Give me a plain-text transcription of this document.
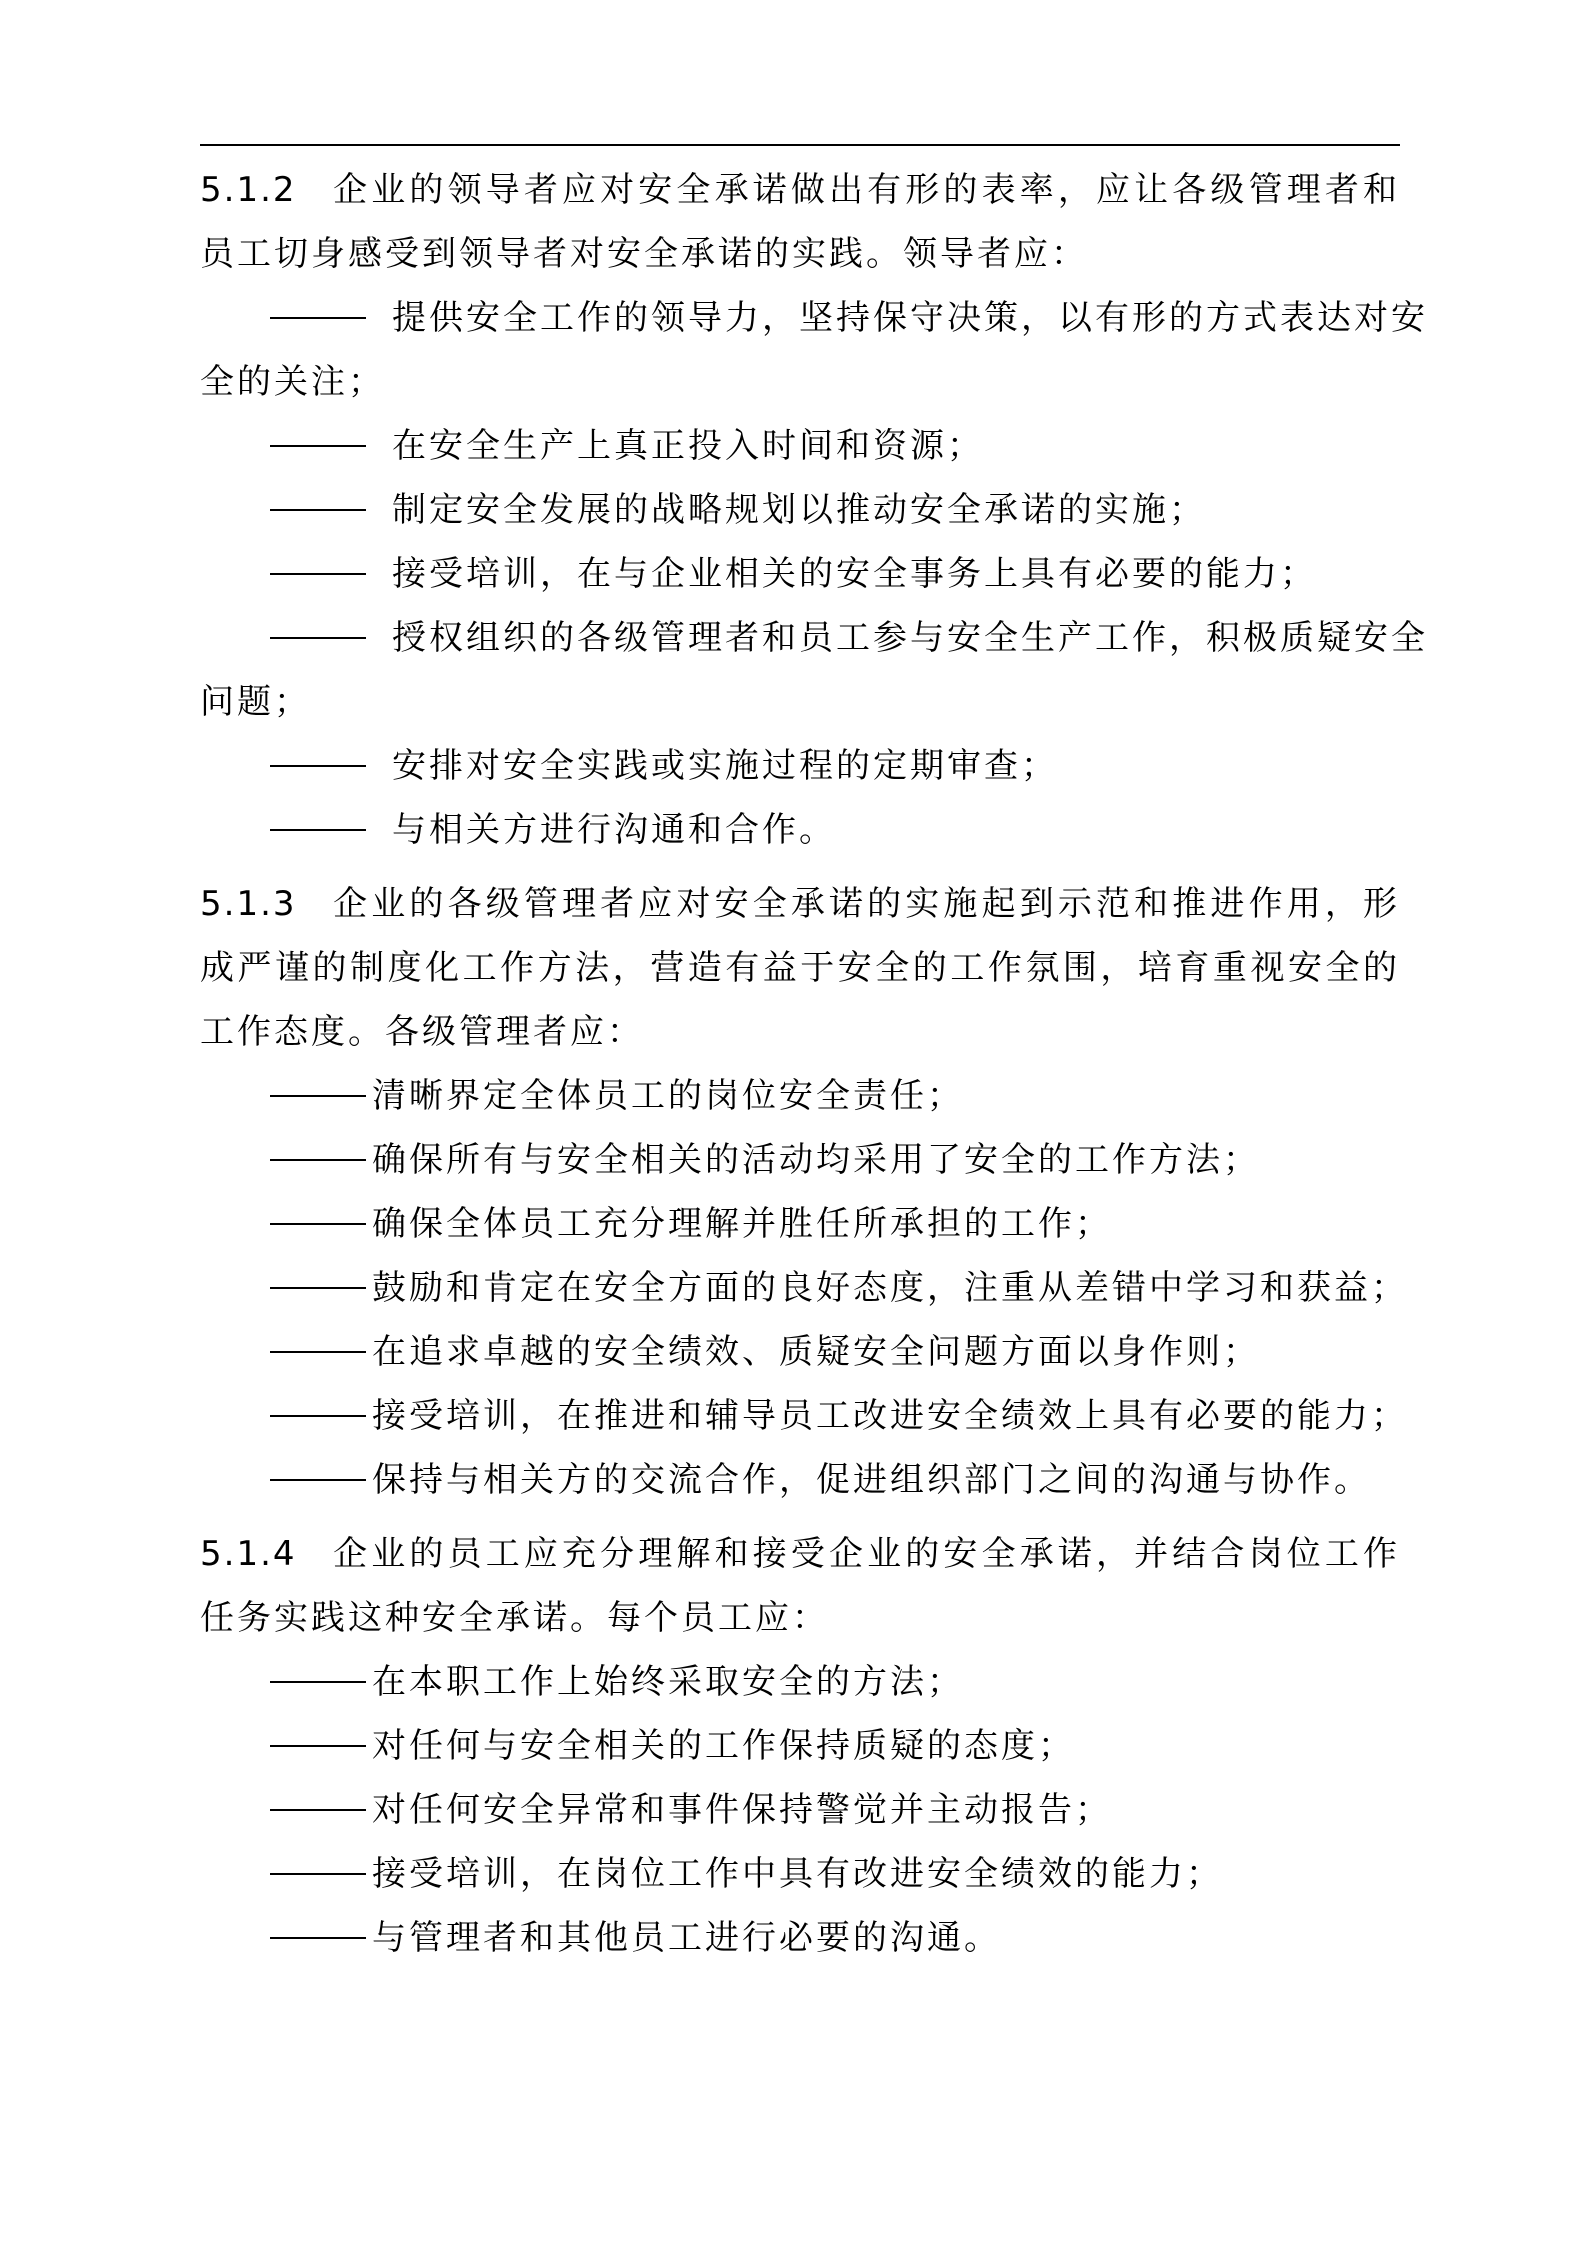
5.1.2 企业的领导者应对安全承诺做出有形的表率，应让各级管理者和
员工切身感受到领导者对安全承诺的实践。领导者应：
提供安全工作的领导力，坚持保守决策，以有形的方式表达对安
全的关注；
在安全生产上真正投入时间和资源；
制定安全发展的战略规划以推动安全承诺的实施；
接受培训，在与企业相关的安全事务上具有必要的能力；
授权组织的各级管理者和员工参与安全生产工作，积极质疑安全
问题；
安排对安全实践或实施过程的定期审查；
与相关方进行沟通和合作。
5.1.3 企业的各级管理者应对安全承诺的实施起到示范和推进作用，形
成严谨的制度化工作方法，营造有益于安全的工作氛围，培育重视安全的
工作态度。各级管理者应：
清晰界定全体员工的岗位安全责任；
确保所有与安全相关的活动均采用了安全的工作方法；
确保全体员工充分理解并胜任所承担的工作；
鼓励和肯定在安全方面的良好态度，注重从差错中学习和获益；
在追求卓越的安全绩效、质疑安全问题方面以身作则；
接受培训，在推进和辅导员工改进安全绩效上具有必要的能力；
保持与相关方的交流合作，促进组织部门之间的沟通与协作。
5.1.4 企业的员工应充分理解和接受企业的安全承诺，并结合岗位工作
任务实践这种安全承诺。每个员工应：
在本职工作上始终采取安全的方法；
对任何与安全相关的工作保持质疑的态度；
对任何安全异常和事件保持警觉并主动报告；
接受培训，在岗位工作中具有改进安全绩效的能力；
与管理者和其他员工进行必要的沟通。
